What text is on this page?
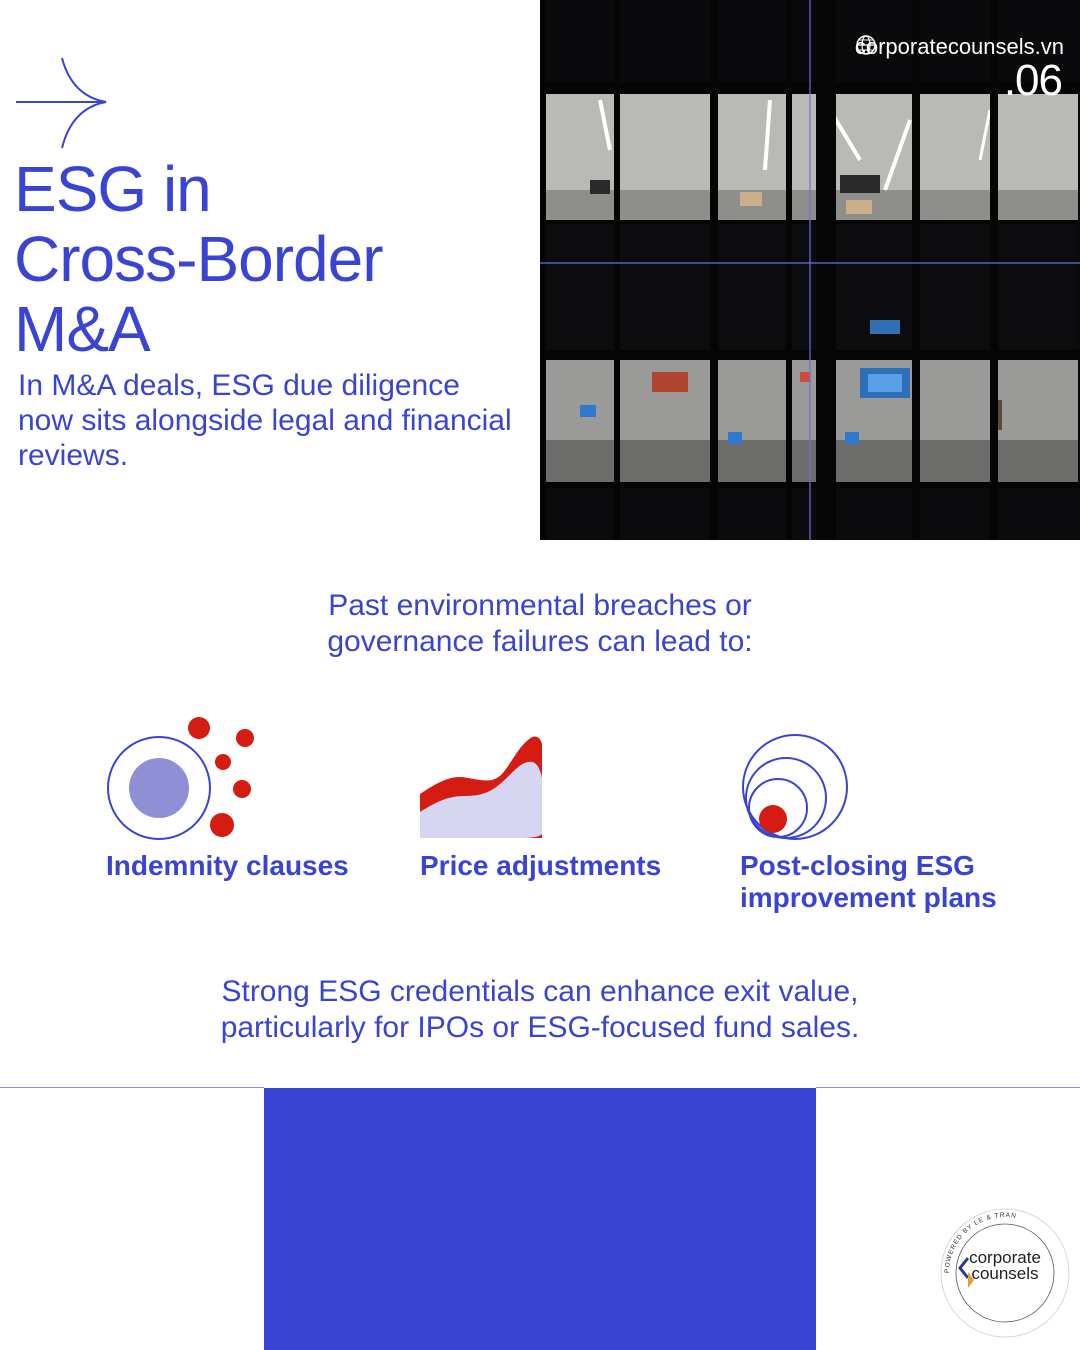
ESG in
Cross-Border
M&A

In M&A deals, ESG due diligence now sits alongside legal and financial reviews.

corporatecounsels.vn
.06

Past environmental breaches or
governance failures can lead to:

Indemnity clauses	Price adjustments	Post-closing ESG
improvement plans

Strong ESG credentials can enhance exit value,
particularly for IPOs or ESG-focused fund sales.

POWERED BY LE & TRAN
corporate
counsels
